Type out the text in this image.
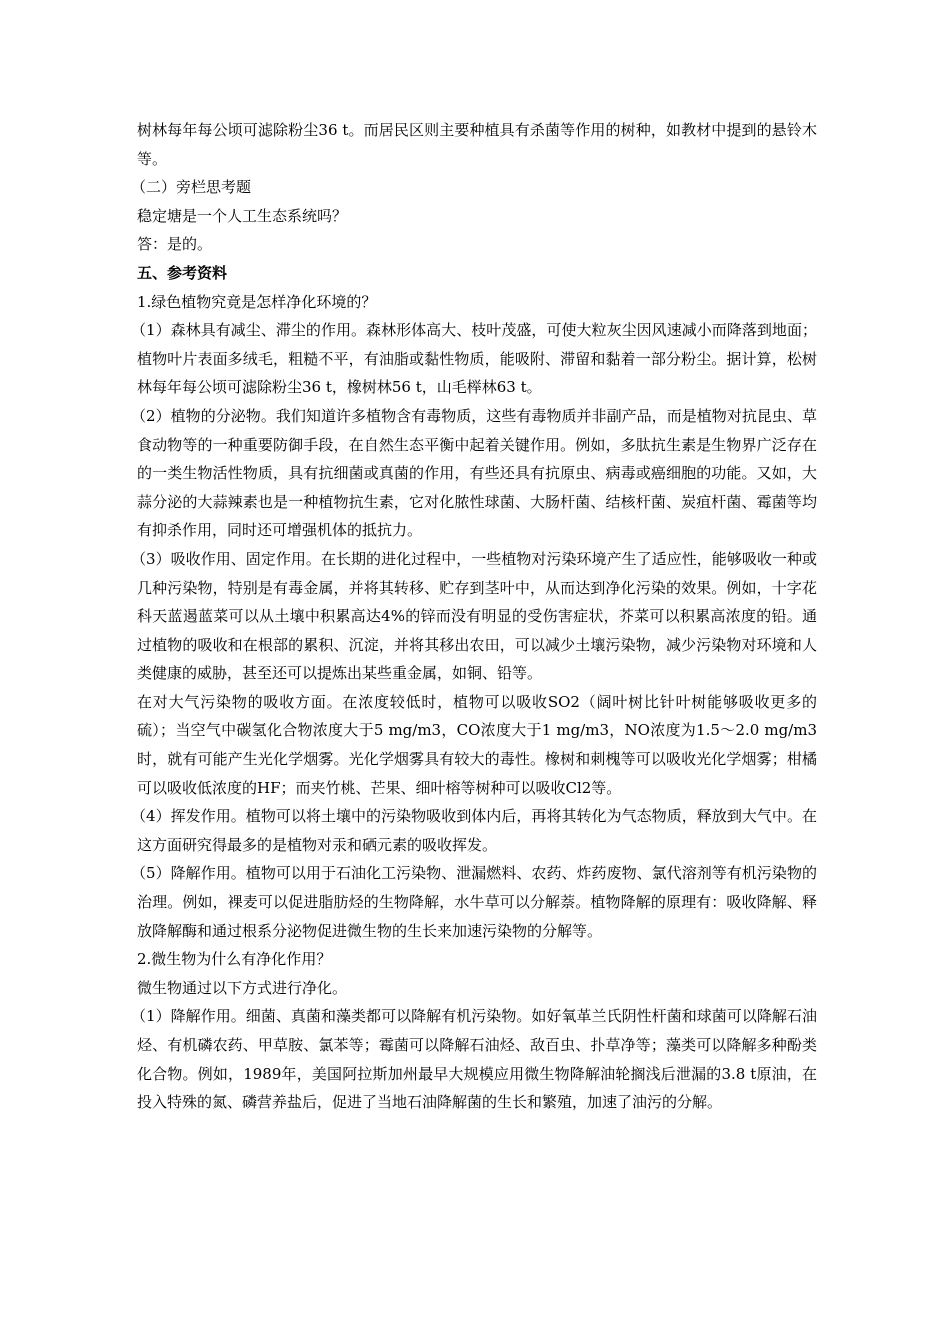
树林每年每公顷可滤除粉尘36 t。而居民区则主要种植具有杀菌等作用的树种，如教材中提到的悬铃木等。

（二）旁栏思考题

稳定塘是一个人工生态系统吗？

答：是的。

五、参考资料

1.绿色植物究竟是怎样净化环境的？

（1）森林具有减尘、滞尘的作用。森林形体高大、枝叶茂盛，可使大粒灰尘因风速减小而降落到地面；植物叶片表面多绒毛，粗糙不平，有油脂或黏性物质，能吸附、滞留和黏着一部分粉尘。据计算，松树林每年每公顷可滤除粉尘36 t，橡树林56 t，山毛榉林63 t。

（2）植物的分泌物。我们知道许多植物含有毒物质，这些有毒物质并非副产品，而是植物对抗昆虫、草食动物等的一种重要防御手段，在自然生态平衡中起着关键作用。例如，多肽抗生素是生物界广泛存在的一类生物活性物质，具有抗细菌或真菌的作用，有些还具有抗原虫、病毒或癌细胞的功能。又如，大蒜分泌的大蒜辣素也是一种植物抗生素，它对化脓性球菌、大肠杆菌、结核杆菌、炭疽杆菌、霉菌等均有抑杀作用，同时还可增强机体的抵抗力。

（3）吸收作用、固定作用。在长期的进化过程中，一些植物对污染环境产生了适应性，能够吸收一种或几种污染物，特别是有毒金属，并将其转移、贮存到茎叶中，从而达到净化污染的效果。例如，十字花科天蓝遏蓝菜可以从土壤中积累高达4%的锌而没有明显的受伤害症状，芥菜可以积累高浓度的铅。通过植物的吸收和在根部的累积、沉淀，并将其移出农田，可以减少土壤污染物，减少污染物对环境和人类健康的威胁，甚至还可以提炼出某些重金属，如铜、铅等。

在对大气污染物的吸收方面。在浓度较低时，植物可以吸收SO2（阔叶树比针叶树能够吸收更多的硫）；当空气中碳氢化合物浓度大于5 mg/m3，CO浓度大于1 mg/m3，NO浓度为1.5～2.0 mg/m3时，就有可能产生光化学烟雾。光化学烟雾具有较大的毒性。橡树和刺槐等可以吸收光化学烟雾；柑橘可以吸收低浓度的HF；而夹竹桃、芒果、细叶榕等树种可以吸收Cl2等。

（4）挥发作用。植物可以将土壤中的污染物吸收到体内后，再将其转化为气态物质，释放到大气中。在这方面研究得最多的是植物对汞和硒元素的吸收挥发。

（5）降解作用。植物可以用于石油化工污染物、泄漏燃料、农药、炸药废物、氯代溶剂等有机污染物的治理。例如，裸麦可以促进脂肪烃的生物降解，水牛草可以分解萘。植物降解的原理有：吸收降解、释放降解酶和通过根系分泌物促进微生物的生长来加速污染物的分解等。

2.微生物为什么有净化作用？

微生物通过以下方式进行净化。

（1）降解作用。细菌、真菌和藻类都可以降解有机污染物。如好氧革兰氏阴性杆菌和球菌可以降解石油烃、有机磷农药、甲草胺、氯苯等；霉菌可以降解石油烃、敌百虫、扑草净等；藻类可以降解多种酚类化合物。例如，1989年，美国阿拉斯加州最早大规模应用微生物降解油轮搁浅后泄漏的3.8 t原油，在投入特殊的氮、磷营养盐后，促进了当地石油降解菌的生长和繁殖，加速了油污的分解。
